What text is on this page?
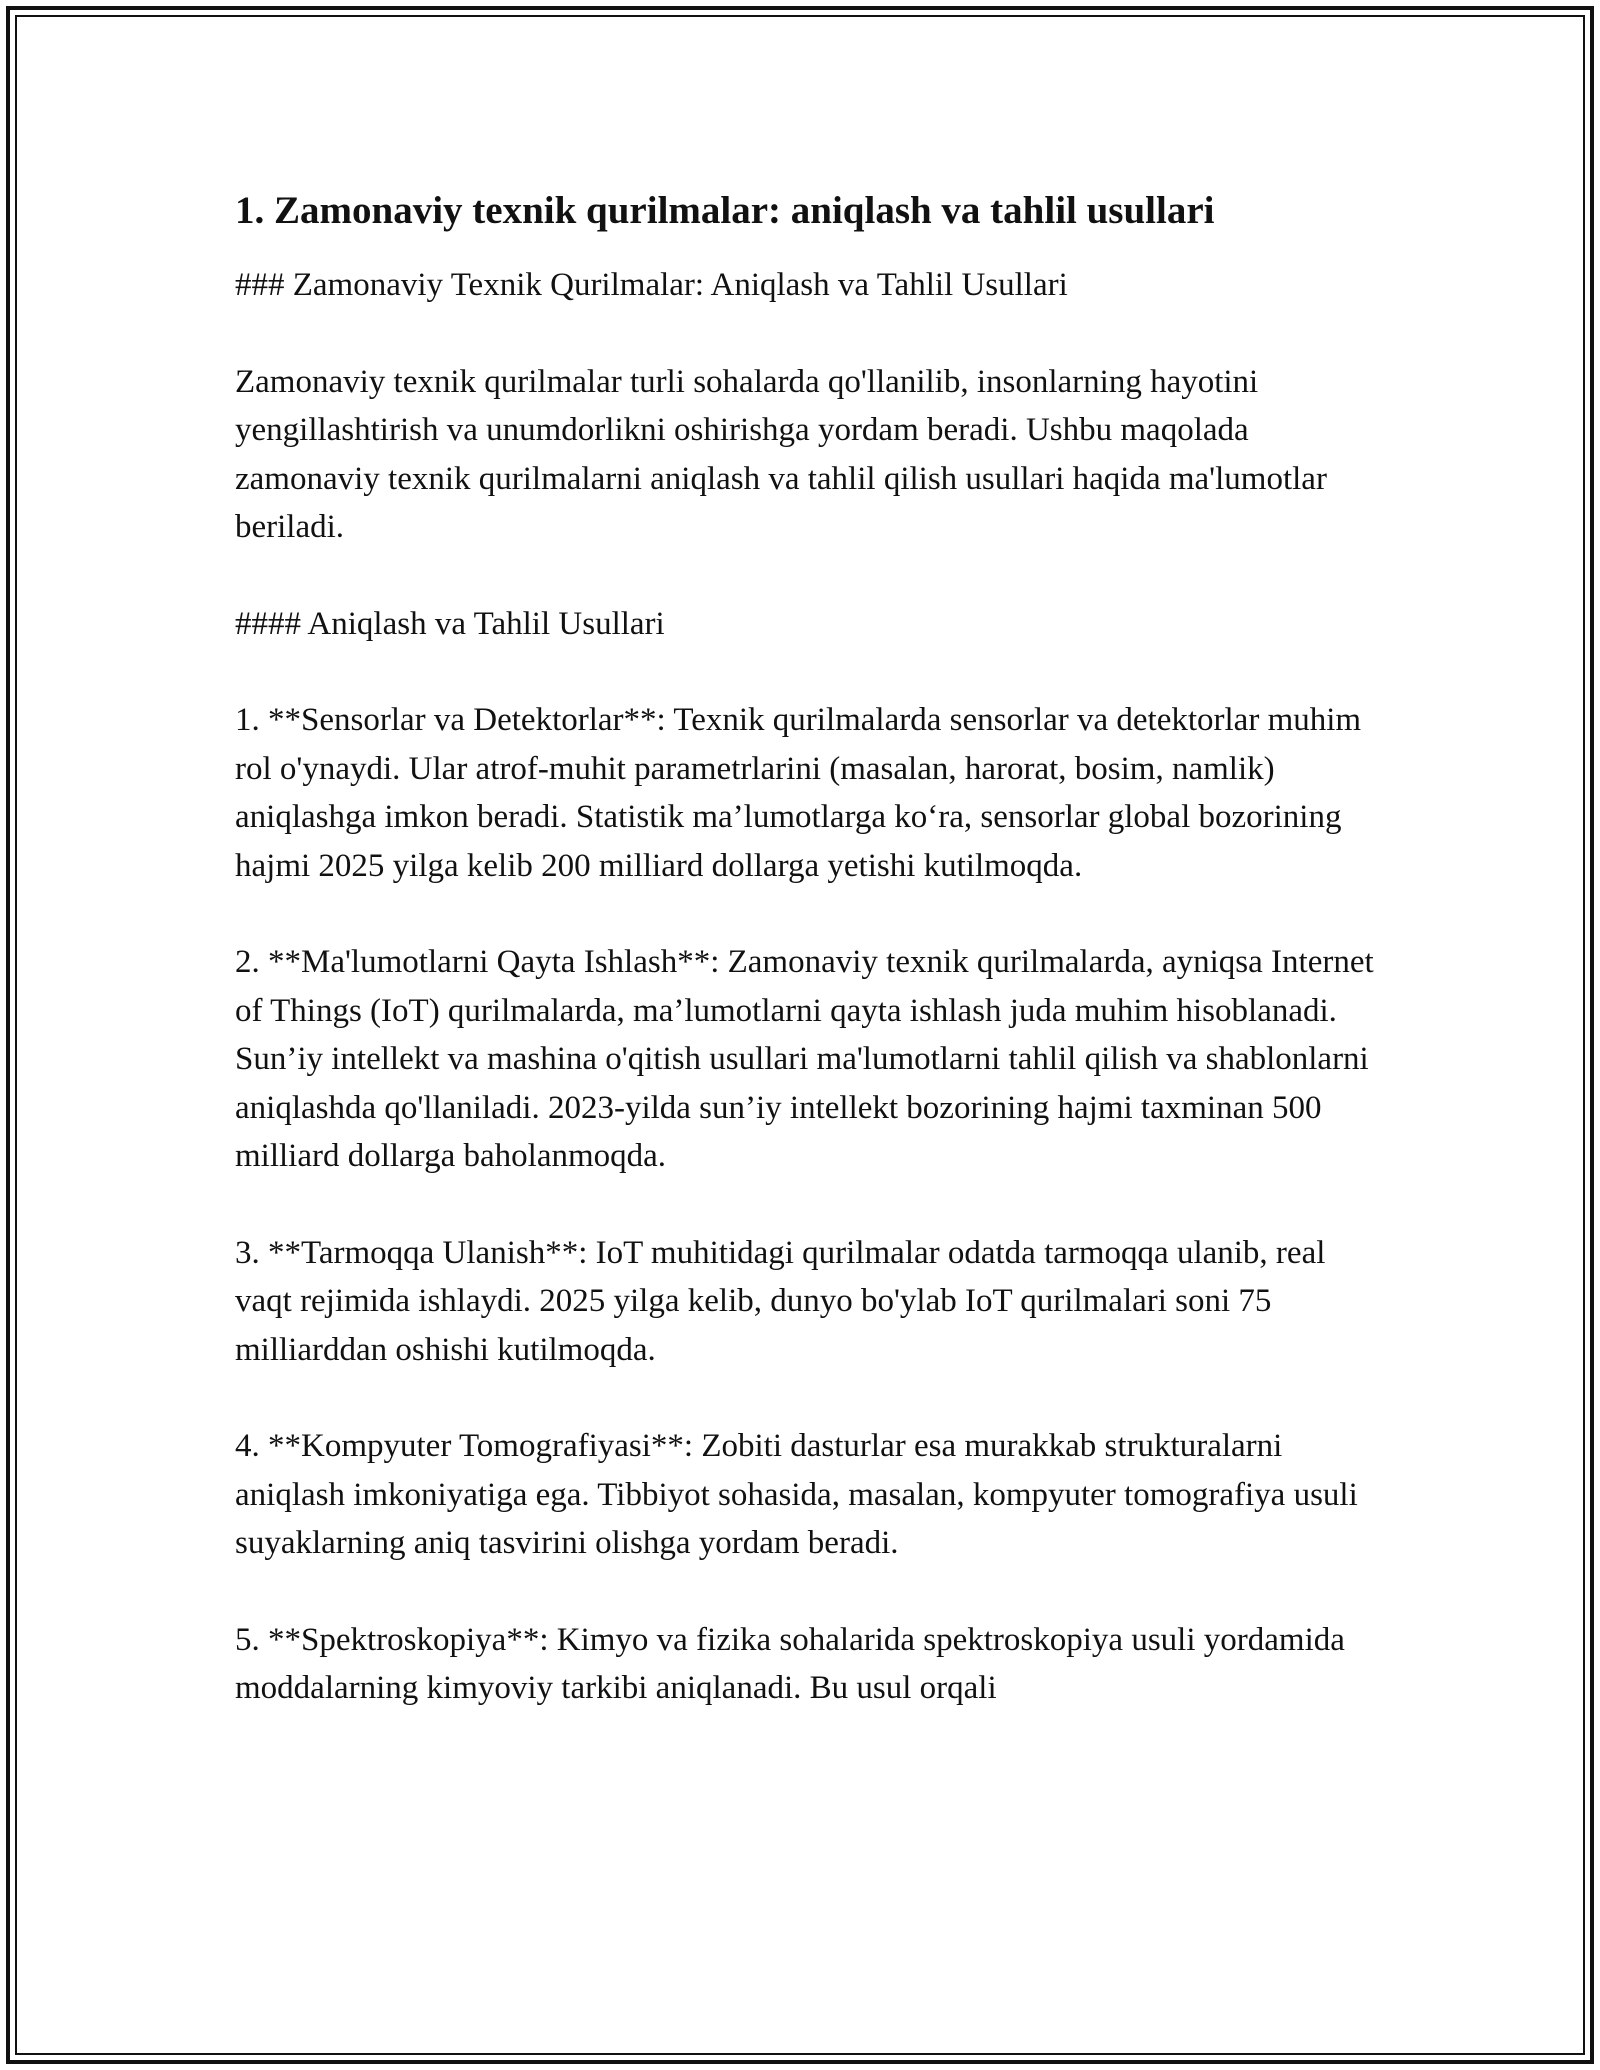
1. Zamonaviy texnik qurilmalar: aniqlash va tahlil usullari

### Zamonaviy Texnik Qurilmalar: Aniqlash va Tahlil Usullari

Zamonaviy texnik qurilmalar turli sohalarda qo'llanilib, insonlarning hayotini yengillashtirish va unumdorlikni oshirishga yordam beradi. Ushbu maqolada zamonaviy texnik qurilmalarni aniqlash va tahlil qilish usullari haqida ma'lumotlar beriladi.

#### Aniqlash va Tahlil Usullari

1. **Sensorlar va Detektorlar**: Texnik qurilmalarda sensorlar va detektorlar muhim rol o'ynaydi. Ular atrof-muhit parametrlarini (masalan, harorat, bosim, namlik) aniqlashga imkon beradi. Statistik ma’lumotlarga ko‘ra, sensorlar global bozorining hajmi 2025 yilga kelib 200 milliard dollarga yetishi kutilmoqda.

2. **Ma'lumotlarni Qayta Ishlash**: Zamonaviy texnik qurilmalarda, ayniqsa Internet of Things (IoT) qurilmalarda, ma’lumotlarni qayta ishlash juda muhim hisoblanadi. Sun’iy intellekt va mashina o'qitish usullari ma'lumotlarni tahlil qilish va shablonlarni aniqlashda qo'llaniladi. 2023-yilda sun’iy intellekt bozorining hajmi taxminan 500 milliard dollarga baholanmoqda.

3. **Tarmoqqa Ulanish**: IoT muhitidagi qurilmalar odatda tarmoqqa ulanib, real vaqt rejimida ishlaydi. 2025 yilga kelib, dunyo bo'ylab IoT qurilmalari soni 75 milliarddan oshishi kutilmoqda.

4. **Kompyuter Tomografiyasi**: Zobiti dasturlar esa murakkab strukturalarni aniqlash imkoniyatiga ega. Tibbiyot sohasida, masalan, kompyuter tomografiya usuli suyaklarning aniq tasvirini olishga yordam beradi.

5. **Spektroskopiya**: Kimyo va fizika sohalarida spektroskopiya usuli yordamida moddalarning kimyoviy tarkibi aniqlanadi. Bu usul orqali
